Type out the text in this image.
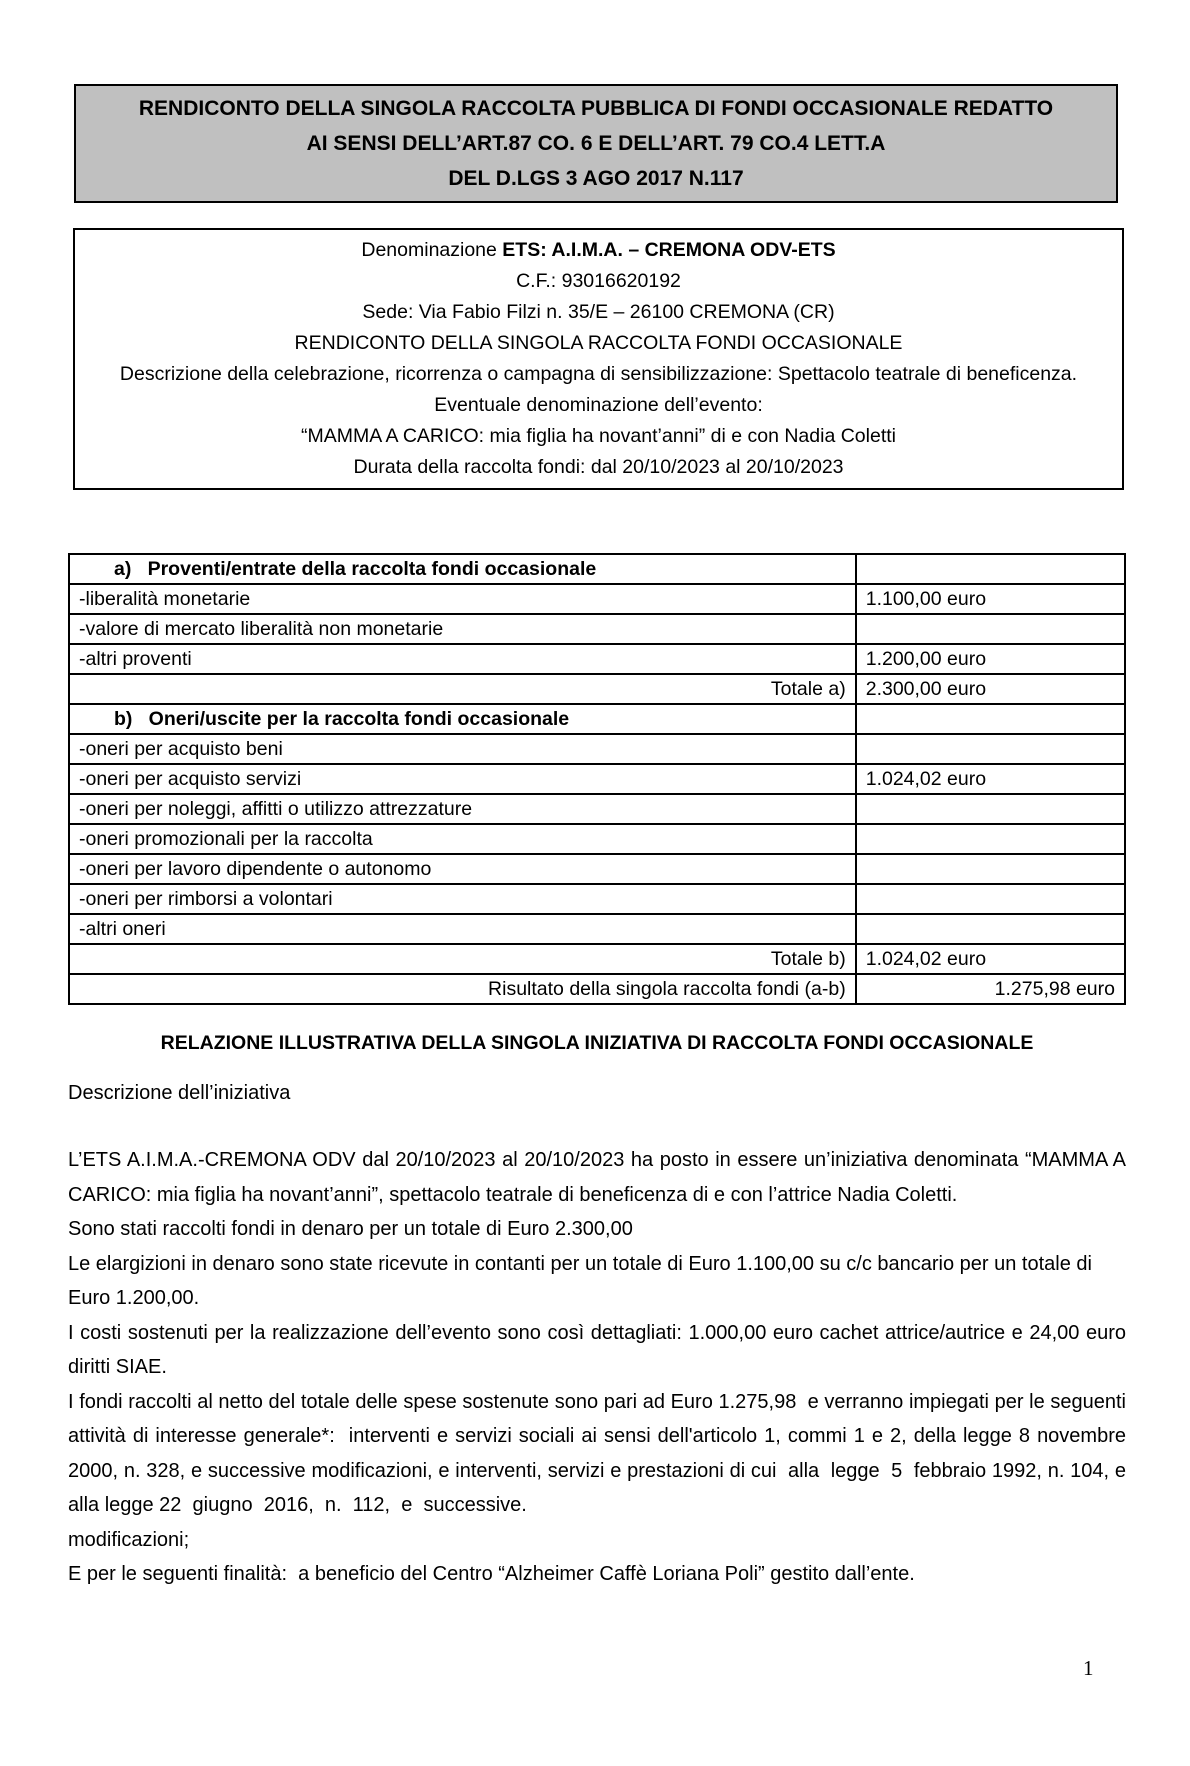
RENDICONTO DELLA SINGOLA RACCOLTA PUBBLICA DI FONDI OCCASIONALE REDATTO
AI SENSI DELL’ART.87 CO. 6 E DELL’ART. 79 CO.4 LETT.A
DEL D.LGS 3 AGO 2017 N.117
Denominazione ETS: A.I.M.A. – CREMONA ODV-ETS
C.F.: 93016620192
Sede: Via Fabio Filzi n. 35/E – 26100 CREMONA (CR)
RENDICONTO DELLA SINGOLA RACCOLTA FONDI OCCASIONALE
Descrizione della celebrazione, ricorrenza o campagna di sensibilizzazione: Spettacolo teatrale di beneficenza.
Eventuale denominazione dell’evento:
“MAMMA A CARICO: mia figlia ha novant’anni” di e con Nadia Coletti
Durata della raccolta fondi: dal 20/10/2023 al 20/10/2023
a)   Proventi/entrate della raccolta fondi occasionale	
-liberalità monetarie	1.100,00 euro
-valore di mercato liberalità non monetarie	
-altri proventi	1.200,00 euro
Totale a)	2.300,00 euro
b)   Oneri/uscite per la raccolta fondi occasionale	
-oneri per acquisto beni	
-oneri per acquisto servizi	1.024,02 euro
-oneri per noleggi, affitti o utilizzo attrezzature	
-oneri promozionali per la raccolta	
-oneri per lavoro dipendente o autonomo	
-oneri per rimborsi a volontari	
-altri oneri	
Totale b)	1.024,02 euro
Risultato della singola raccolta fondi (a-b)	1.275,98 euro
RELAZIONE ILLUSTRATIVA DELLA SINGOLA INIZIATIVA DI RACCOLTA FONDI OCCASIONALE
Descrizione dell’iniziativa

L’ETS A.I.M.A.-CREMONA ODV dal 20/10/2023 al 20/10/2023 ha posto in essere un’iniziativa denominata “MAMMA A CARICO: mia figlia ha novant’anni”, spettacolo teatrale di beneficenza di e con l’attrice Nadia Coletti.

Sono stati raccolti fondi in denaro per un totale di Euro 2.300,00

Le elargizioni in denaro sono state ricevute in contanti per un totale di Euro 1.100,00 su c/c bancario per un totale di Euro 1.200,00.

I costi sostenuti per la realizzazione dell’evento sono così dettagliati: 1.000,00 euro cachet attrice/autrice e 24,00 euro diritti SIAE.

I fondi raccolti al netto del totale delle spese sostenute sono pari ad Euro 1.275,98  e verranno impiegati per le seguenti attività di interesse generale*:  interventi e servizi sociali ai sensi dell'articolo 1, commi 1 e 2, della legge 8 novembre 2000, n. 328, e successive modificazioni, e interventi, servizi e prestazioni di cui  alla  legge  5  febbraio 1992, n. 104, e alla legge 22  giugno  2016,  n.  112,  e  successive.

modificazioni;

E per le seguenti finalità:  a beneficio del Centro “Alzheimer Caffè Loriana Poli” gestito dall’ente.

1
